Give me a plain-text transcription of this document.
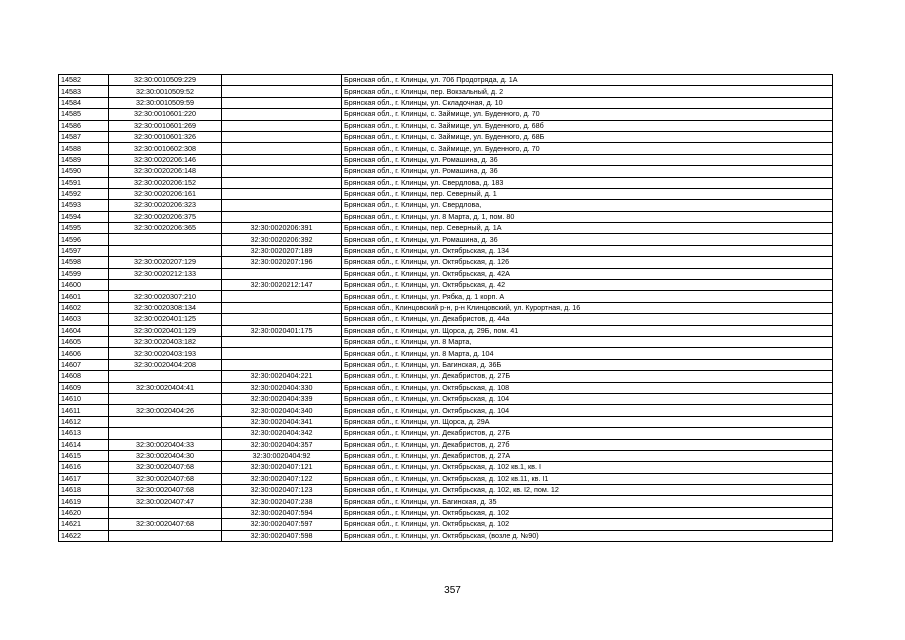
14582	32:30:0010509:229		Брянская обл., г. Клинцы, ул. 706 Продотряда, д. 1А
14583	32:30:0010509:52		Брянская обл., г. Клинцы, пер. Вокзальный, д. 2
14584	32:30:0010509:59		Брянская обл., г. Клинцы, ул. Складочная, д. 10
14585	32:30:0010601:220		Брянская обл., г. Клинцы, с. Займище, ул. Буденного, д. 70
14586	32:30:0010601:269		Брянская обл., г. Клинцы, с. Займище, ул. Буденного, д. 68б
14587	32:30:0010601:326		Брянская обл., г. Клинцы, с. Займище, ул. Буденного, д. 68Б
14588	32:30:0010602:308		Брянская обл., г. Клинцы, с. Займище, ул. Буденного, д. 70
14589	32:30:0020206:146		Брянская обл., г. Клинцы, ул. Ромашина, д. 36
14590	32:30:0020206:148		Брянская обл., г. Клинцы, ул. Ромашина, д. 36
14591	32:30:0020206:152		Брянская обл., г. Клинцы, ул. Свердлова, д. 183
14592	32:30:0020206:161		Брянская обл., г. Клинцы, пер. Северный, д. 1
14593	32:30:0020206:323		Брянская обл., г. Клинцы, ул. Свердлова,
14594	32:30:0020206:375		Брянская обл., г. Клинцы, ул. 8 Марта, д. 1, пом. 80
14595	32:30:0020206:365	32:30:0020206:391	Брянская обл., г. Клинцы, пер. Северный, д. 1А
14596		32:30:0020206:392	Брянская обл., г. Клинцы, ул. Ромашина, д. 36
14597		32:30:0020207:189	Брянская обл., г. Клинцы, ул. Октябрьская, д. 134
14598	32:30:0020207:129	32:30:0020207:196	Брянская обл., г. Клинцы, ул. Октябрьская, д. 126
14599	32:30:0020212:133		Брянская обл., г. Клинцы, ул. Октябрьская, д. 42А
14600		32:30:0020212:147	Брянская обл., г. Клинцы, ул. Октябрьская, д. 42
14601	32:30:0020307:210		Брянская обл., г. Клинцы, ул. Рябка, д. 1 корп. А
14602	32:30:0020308:134		Брянская обл., Клинцовский р-н, р-н Клинцовский, ул. Курортная, д. 16
14603	32:30:0020401:125		Брянская обл., г. Клинцы, ул. Декабристов, д. 44а
14604	32:30:0020401:129	32:30:0020401:175	Брянская обл., г. Клинцы, ул. Щорса, д. 29Б, пом. 41
14605	32:30:0020403:182		Брянская обл., г. Клинцы, ул. 8 Марта,
14606	32:30:0020403:193		Брянская обл., г. Клинцы, ул. 8 Марта, д. 104
14607	32:30:0020404:208		Брянская обл., г. Клинцы, ул. Багинская, д. 36Б
14608		32:30:0020404:221	Брянская обл., г. Клинцы, ул. Декабристов, д. 27Б
14609	32:30:0020404:41	32:30:0020404:330	Брянская обл., г. Клинцы, ул. Октябрьская, д. 108
14610		32:30:0020404:339	Брянская обл., г. Клинцы, ул. Октябрьская, д. 104
14611	32:30:0020404:26	32:30:0020404:340	Брянская обл., г. Клинцы, ул. Октябрьская, д. 104
14612		32:30:0020404:341	Брянская обл., г. Клинцы, ул. Щорса, д. 29А
14613		32:30:0020404:342	Брянская обл., г. Клинцы, ул. Декабристов, д. 27Б
14614	32:30:0020404:33	32:30:0020404:357	Брянская обл., г. Клинцы, ул. Декабристов, д. 27б
14615	32:30:0020404:30	32:30:0020404:92	Брянская обл., г. Клинцы, ул. Декабристов, д. 27А
14616	32:30:0020407:68	32:30:0020407:121	Брянская обл., г. Клинцы, ул. Октябрьская, д. 102 кв.1, кв. I
14617	32:30:0020407:68	32:30:0020407:122	Брянская обл., г. Клинцы, ул. Октябрьская, д. 102 кв.11, кв. I1
14618	32:30:0020407:68	32:30:0020407:123	Брянская обл., г. Клинцы, ул. Октябрьская, д. 102, кв. I2, пом. 12
14619	32:30:0020407:47	32:30:0020407:238	Брянская обл., г. Клинцы, ул. Багинская, д. 35
14620		32:30:0020407:594	Брянская обл., г. Клинцы, ул. Октябрьская, д. 102
14621	32:30:0020407:68	32:30:0020407:597	Брянская обл., г. Клинцы, ул. Октябрьская, д. 102
14622		32:30:0020407:598	Брянская обл., г. Клинцы, ул. Октябрьская, (возле д. №90)
357
